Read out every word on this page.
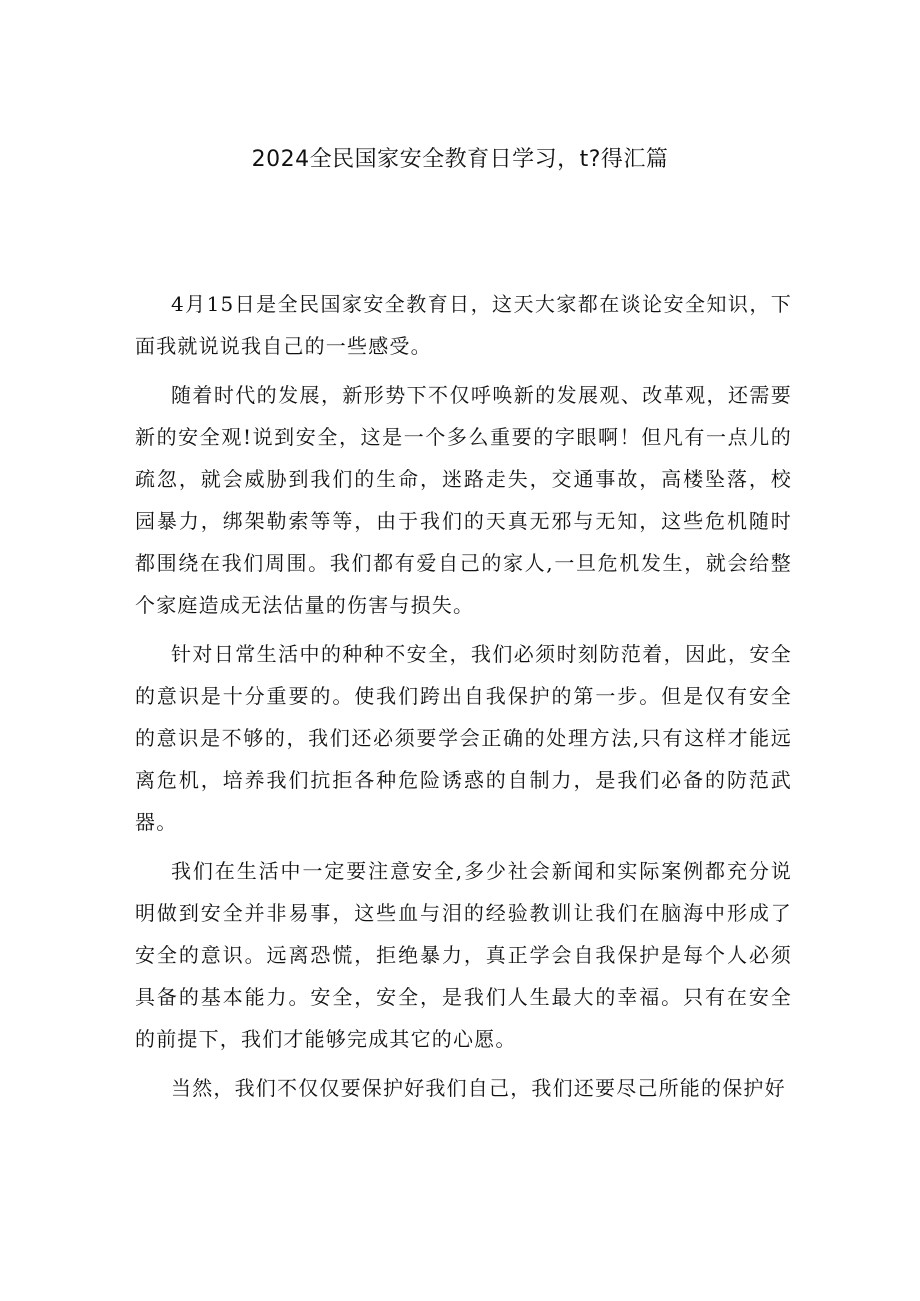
2024全民国家安全教育日学习，t?得汇篇

4月15日是全民国家安全教育日，这天大家都在谈论安全知识，下面我就说说我自己的一些感受。

随着时代的发展，新形势下不仅呼唤新的发展观、改革观，还需要新的安全观!说到安全，这是一个多么重要的字眼啊！但凡有一点儿的疏忽，就会威胁到我们的生命，迷路走失，交通事故，高楼坠落，校园暴力，绑架勒索等等，由于我们的天真无邪与无知，这些危机随时都围绕在我们周围。我们都有爱自己的家人,一旦危机发生，就会给整个家庭造成无法估量的伤害与损失。

针对日常生活中的种种不安全，我们必须时刻防范着，因此，安全的意识是十分重要的。使我们跨出自我保护的第一步。但是仅有安全的意识是不够的，我们还必须要学会正确的处理方法,只有这样才能远离危机，培养我们抗拒各种危险诱惑的自制力，是我们必备的防范武器。

我们在生活中一定要注意安全,多少社会新闻和实际案例都充分说明做到安全并非易事，这些血与泪的经验教训让我们在脑海中形成了安全的意识。远离恐慌，拒绝暴力，真正学会自我保护是每个人必须具备的基本能力。安全，安全，是我们人生最大的幸福。只有在安全的前提下，我们才能够完成其它的心愿。

当然，我们不仅仅要保护好我们自己，我们还要尽己所能的保护好
